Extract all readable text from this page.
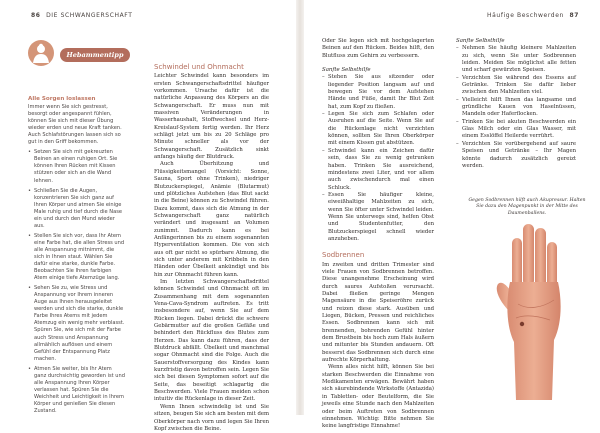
86 DIE SCHWANGERSCHAFT
Hebammentipp
Alle Sorgen loslassen
Immer wenn Sie sich gestresst, besorgt oder angespannt fühlen, können Sie sich mit dieser Übung wieder erden und neue Kraft tanken. Auch Schlafstörungen lassen sich so gut in den Griff bekommen.
• Setzen Sie sich mit gekreuzten Beinen an einen ruhigen Ort. Sie können Ihren Rücken mit Kissen stützen oder sich an die Wand lehnen.
• Schließen Sie die Augen, konzentrieren Sie sich ganz auf Ihren Körper und atmen Sie einige Male ruhig und tief durch die Nase ein und durch den Mund wieder aus.
• Stellen Sie sich vor, dass Ihr Atem eine Farbe hat, die allen Stress und alle Anspannung mitnimmt, die sich in Ihnen staut. Wählen Sie dafür eine starke, dunkle Farbe. Beobachten Sie Ihren farbigen Atem einige tiefe Atemzüge lang.
• Sehen Sie zu, wie Stress und Anspannung vor Ihrem inneren Auge aus Ihnen herausgeleitet werden und sich die starke, dunkle Farbe Ihres Atems mit jedem Atemzug ein wenig mehr verblasst. Spüren Sie, wie sich mit der Farbe auch Stress und Anspannung allmählich auflösen und einem Gefühl der Entspannung Platz machen.
• Atmen Sie weiter, bis Ihr Atem ganz durchsichtig geworden ist und alle Anspannung Ihren Körper verlassen hat. Spüren Sie die Weichheit und Leichtigkeit in Ihrem Körper und genießen Sie diesen Zustand.
Schwindel und Ohnmacht

Leichter Schwindel kann besonders im ersten Schwangerschaftsdrittel häufiger vorkommen. Ursache dafür ist die natürliche Anpassung des Körpers an die Schwangerschaft. Er muss nun mit massiven Veränderungen in Wasserhaushalt, Stoffwechsel und Herz-Kreislauf-System fertig werden. Ihr Herz schlägt jetzt um bis zu 20 Schläge pro Minute schneller als vor der Schwangerschaft. Zusätzlich sinkt anfangs häufig der Blutdruck.

Auch Überhitzung und Flüssigkeitsmangel (Vorsicht: Sonne, Sauna, Sport ohne Trinken), niedriger Blutzuckerspiegel, Anämie (Blutarmut) und plötzliches Aufstehen (das Blut sackt in die Beine) können zu Schwindel führen. Dazu kommt, dass sich die Atmung in der Schwangerschaft ganz natürlich verändert und insgesamt an Volumen zunimmt. Dadurch kann es bei Anfängerinnen bis zu einem sogenannten Hyperventilation kommen. Die von sich aus oft gar nicht so spürbare Atmung, die sich unter anderem mit Kribbeln in den Händen oder Übelkeit ankündigt und bis hin zur Ohnmacht führen kann.

Im letzten Schwangerschaftsdrittel können Schwindel und Ohnmacht oft im Zusammenhang mit dem sogenannten Vena-Cava-Syndrom auftreten. Es tritt insbesondere auf, wenn Sie auf dem Rücken liegen. Dabei drückt die schwere Gebärmutter auf die großen Gefäße und behindert den Rückfluss des Blutes zum Herzen. Das kann dazu führen, dass der Blutdruck abfällt. Übelkeit und manchmal sogar Ohnmacht sind die Folge. Auch die Sauerstoffversorgung des Kindes kann kurzfristig davon betroffen sein. Legen Sie sich bei diesen Symptomen sofort auf die Seite, das beseitigt schlagartig die Beschwerden. Viele Frauen meiden schon intuitiv die Rückenlage in dieser Zeit.

Wenn Ihnen schwindelig ist und Sie sitzen, beugen Sie sich am besten mit dem Oberkörper nach vorn und legen Sie Ihren Kopf zwischen die Beine.

Häufige Beschwerden 87

Oder Sie legen sich mit hochgelagerten Beinen auf den Rücken. Beides hilft, den Blutfluss zum Gehirn zu verbessern.

Sanfte Selbsthilfe
– Stehen Sie aus sitzender oder liegender Position langsam auf und bewegen Sie vor dem Aufstehen Hände und Füße, damit Ihr Blut Zeit hat, zum Kopf zu fließen.
– Legen Sie sich zum Schlafen oder Ausruhen auf die Seite. Wenn Sie auf die Rückenlage nicht verzichten können, sollten Sie Ihren Oberkörper mit einem Kissen gut abstützen.
– Schwindel kann ein Zeichen dafür sein, dass Sie zu wenig getrunken haben. Trinken Sie ausreichend, mindestens zwei Liter, und vor allem auch zwischendurch mal einen Schluck.
– Essen Sie häufiger kleine, eiweißhaltige Mahlzeiten zu sich, wenn Sie öfter unter Schwindel leiden. Wenn Sie unterwegs sind, helfen Obst und Studentenfutter, den Blutzuckerspiegel schnell wieder anzuheben.
Sodbrennen

Im zweiten und dritten Trimester sind viele Frauen von Sodbrennen betroffen. Diese unangenehme Erscheinung wird durch saures Aufstoßen verursacht. Dabei fließen geringe Mengen Magensäure in die Speiseröhre zurück und reizen diese stark. Ausüben und Liegen, Bücken, Pressen und reichliches Essen. Sodbrennen kann sich mit brennenden, bohrenden Gefühl hinter dem Brustbein bis hoch zum Hals äußern und mitunter bis Stunden andauern. Oft besserst das Sodbrennen sich durch eine aufrechte Körperhaltung.

Wenn alles nicht hilft, können Sie bei starken Beschwerden die Einnahme von Medikamenten erwägen. Bewährt haben sich säurebindende Wirkstoffe (Antazida) in Tabletten- oder Beutelform, die Sie jeweils eine Stunde nach den Mahlzeiten oder beim Auftreten von Sodbrennen einnehmen. Wichtig: Bitte nehmen Sie keine langfristige Einnahme!

Sanfte Selbsthilfe
– Nehmen Sie häufig kleinere Mahlzeiten zu sich, wenn Sie unter Sodbrennen leiden. Meiden Sie möglichst alle fetten und scharf gewürzten Speisen.
– Verzichten Sie während des Essens auf Getränke. Trinken Sie dafür lieber zwischen den Mahlzeiten viel.
– Vielleicht hilft Ihnen das langsame und gründliche Kauen von Haselnüssen, Mandeln oder Haferflocken.
– Trinken Sie bei akuten Beschwerden ein Glas Milch oder ein Glas Wasser, mit einem Esslöffel Heilerde verrührt.
– Verzichten Sie vorübergehend auf saure Speisen und Getränke – Ihr Magen könnte dadurch zusätzlich gereizt werden.
Gegen Sodbrennen hilft auch Akupressur. Halten Sie dazu den Magenpunkt in der Mitte des Daumenballens.
